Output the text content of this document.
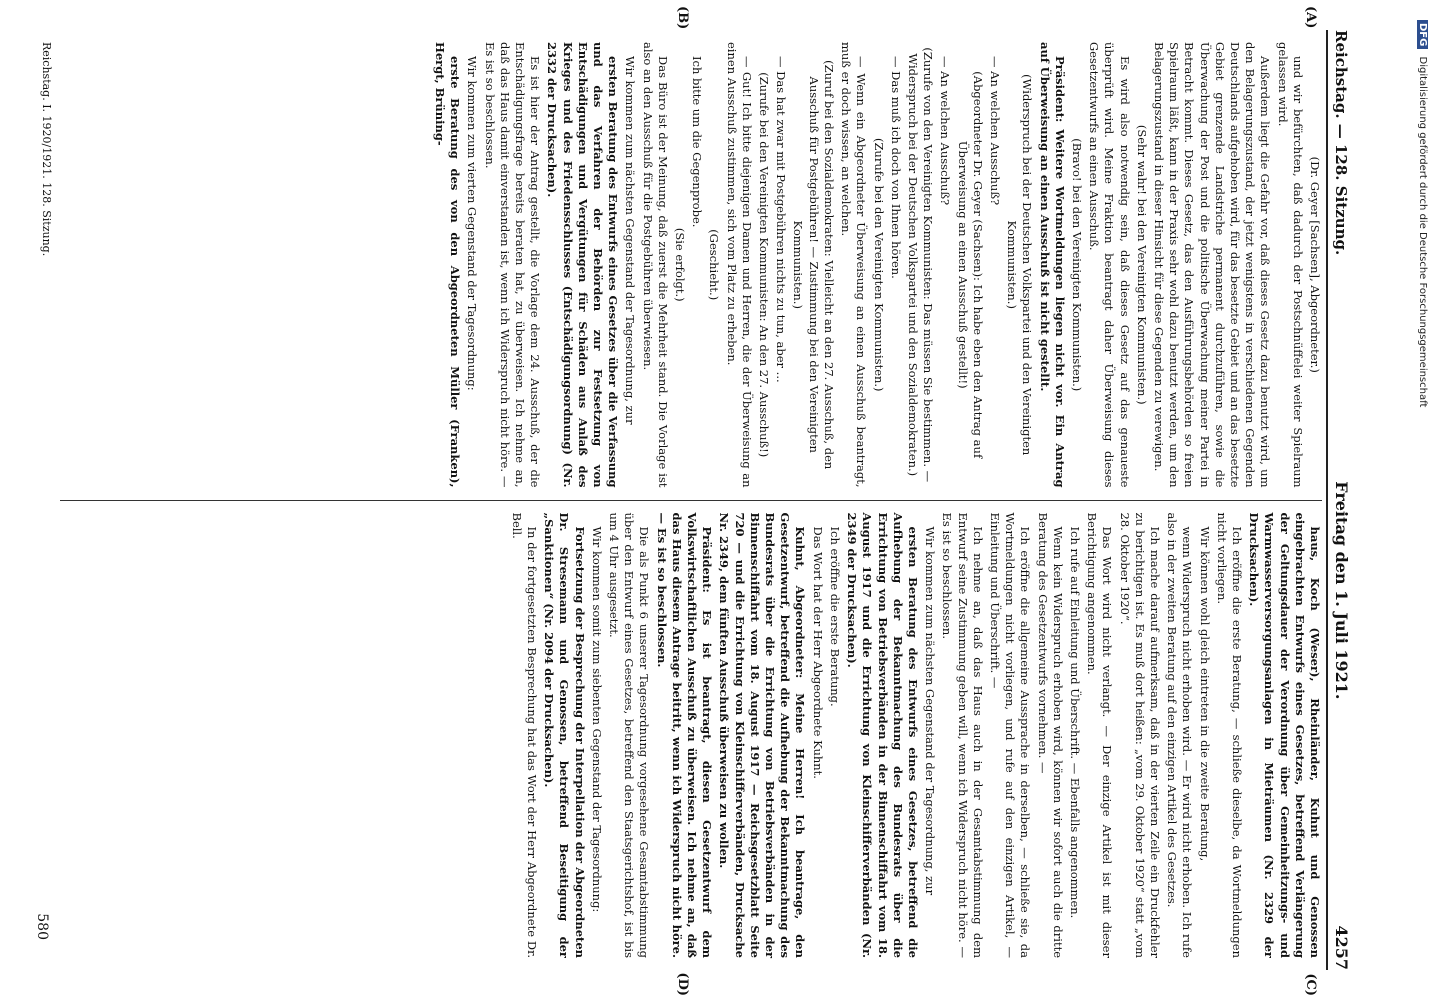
Reichstag. — 128. Sitzung.
Freitag den 1. Juli 1921.
4257
(A)
(B)
(C)
(D)

(Dr. Geyer [Sachsen], Abgeordneter.)

und wir befürchten, daß dadurch der Postschnüffelei weiter Spielraum gelassen wird.

Außerdem liegt die Gefahr vor, daß dieses Gesetz dazu benutzt wird, um den Belagerungszustand, der jetzt wenigstens in verschiedenen Gegenden Deutschlands aufgehoben wird, für das besetzte Gebiet und an das besetzte Gebiet grenzende Landstriche permanent durchzuführen, sowie die Überwachung der Post und die politische Überwachung meiner Partei in Betracht kommt. Dieses Gesetz, das den Ausführungsbehörden so freien Spielraum läßt, kann in der Praxis sehr wohl dazu benutzt werden, um den Belagerungszustand in dieser Hinsicht für diese Gegenden zu verewigen.

(Sehr wahr! bei den Vereinigten Kommunisten.)

Es wird also notwendig sein, daß dieses Gesetz auf das genaueste überprüft wird. Meine Fraktion beantragt daher Überweisung dieses Gesetzentwurfs an einen Ausschuß.

(Bravo! bei den Vereinigten Kommunisten.)

Präsident: Weitere Wortmeldungen liegen nicht vor. Ein Antrag auf Überweisung an einen Ausschuß ist nicht gestellt.

(Widerspruch bei der Deutschen Volkspartei und den Vereinigten Kommunisten.)

— An welchen Ausschuß?

(Abgeordneter Dr. Geyer (Sachsen): Ich habe eben den Antrag auf Überweisung an einen Ausschuß gestellt!)

— An welchen Ausschuß?

(Zurufe von den Vereinigten Kommunisten: Das müssen Sie bestimmen. — Widerspruch bei der Deutschen Volkspartei und den Sozialdemokraten.)

— Das muß ich doch von Ihnen hören.

(Zurufe bei den Vereinigten Kommunisten.)

— Wenn ein Abgeordneter Überweisung an einen Ausschuß beantragt, muß er doch wissen, an welchen.

(Zuruf bei den Sozialdemokraten: Vielleicht an den 27. Ausschuß, den Ausschuß für Postgebühren! — Zustimmung bei den Vereinigten Kommunisten.)

— Das hat zwar mit Postgebühren nichts zu tun, aber ...

(Zurufe bei den Vereinigten Kommunisten: An den 27. Ausschuß!)

— Gut! Ich bitte diejenigen Damen und Herren, die der Überweisung an einen Ausschuß zustimmen, sich vom Platz zu erheben.

(Geschieht.)

Ich bitte um die Gegenprobe.

(Sie erfolgt.)

Das Büro ist der Meinung, daß zuerst die Mehrheit stand. Die Vorlage ist also an den Ausschuß für die Postgebühren überwiesen.

Wir kommen zum nächsten Gegenstand der Tagesordnung, zur

ersten Beratung des Entwurfs eines Gesetzes über die Verfassung und das Verfahren der Behörden zur Festsetzung von Entschädigungen und Vergütungen für Schäden aus Anlaß des Krieges und des Friedensschlusses (Entschädigungsordnung) (Nr. 2332 der Drucksachen).

Es ist hier der Antrag gestellt, die Vorlage dem 24. Ausschuß, der die Entschädigungsfrage bereits beraten hat, zu überweisen. Ich nehme an, daß das Haus damit einverstanden ist, wenn ich Widerspruch nicht höre. — Es ist so beschlossen.

Wir kommen zum vierten Gegenstand der Tagesordnung:

erste Beratung des von den Abgeordneten Müller (Franken), Hergt, Brüning-

haus, Koch (Weser), Rheinländer, Kuhnt und Genossen eingebrachten Entwurfs eines Gesetzes, betreffend Verlängerung der Geltungsdauer der Verordnung über Gemeinheitzungs- und Warmwasserversorgungsanlagen in Mieträumen (Nr. 2329 der Drucksachen).

Ich eröffne die erste Beratung, — schließe dieselbe, da Wortmeldungen nicht vorliegen.

Wir können wohl gleich eintreten in die zweite Beratung,

wenn Widerspruch nicht erhoben wird. — Er wird nicht erhoben. Ich rufe also in der zweiten Beratung auf den einzigen Artikel des Gesetzes.

Ich mache darauf aufmerksam, daß in der vierten Zeile ein Druckfehler zu berichtigen ist. Es muß dort heißen: „vom 29. Oktober 1920“ statt „vom 28. Oktober 1920“.

Das Wort wird nicht verlangt. — Der einzige Artikel ist mit dieser Berichtigung angenommen.

Ich rufe auf Einleitung und Überschrift. — Ebenfalls angenommen.

Wenn kein Widerspruch erhoben wird, können wir sofort auch die dritte Beratung des Gesetzentwurfs vornehmen. —

Ich eröffne die allgemeine Aussprache in derselben, — schließe sie, da Wortmeldungen nicht vorliegen, und rufe auf den einzigen Artikel, — Einleitung und Überschrift. —

Ich nehme an, daß das Haus auch in der Gesamtabstimmung dem Entwurf seine Zustimmung geben will, wenn ich Widerspruch nicht höre. — Es ist so beschlossen.

Wir kommen zum nächsten Gegenstand der Tagesordnung, zur

ersten Beratung des Entwurfs eines Gesetzes, betreffend die Aufhebung der Bekanntmachung des Bundesrats über die Errichtung von Betriebsverbänden in der Binnenschiffahrt vom 18. August 1917 und die Errichtung von Kleinschifferverbänden (Nr. 2349 der Drucksachen).

Ich eröffne die erste Beratung.

Das Wort hat der Herr Abgeordnete Kuhnt.

Kuhnt, Abgeordneter: Meine Herren! Ich beantrage, den Gesetzentwurf, betreffend die Aufhebung der Bekanntmachung des Bundesrats über die Errichtung von Betriebsverbänden in der Binnenschiffahrt vom 18. August 1917 — Reichsgesetzblatt Seite 720 — und die Errichtung von Kleinschifferverbänden, Drucksache Nr. 2349, dem fünften Ausschuß überweisen zu wollen.

Präsident: Es ist beantragt, diesen Gesetzentwurf dem Volkswirtschaftlichen Ausschuß zu überweisen. Ich nehme an, daß das Haus diesem Antrage beitritt, wenn ich Widerspruch nicht höre. — Es ist so beschlossen.

Die als Punkt 6 unserer Tagesordnung vorgesehene Gesamtabstimmung über den Entwurf eines Gesetzes, betreffend den Staatsgerichtshof, ist bis um 4 Uhr ausgesetzt.

Wir kommen somit zum siebenten Gegenstand der Tagesordnung:

Fortsetzung der Besprechung der Interpellation der Abgeordneten Dr. Stresemann und Genossen, betreffend Beseitigung der „Sanktionen“ (Nr. 2094 der Drucksachen).

In der fortgesetzten Besprechung hat das Wort der Herr Abgeordnete Dr. Bell.

Reichstag. I. 1920/1921. 128. Sitzung.
580
DFG Digitalisierung gefördert durch die Deutsche Forschungsgemeinschaft
